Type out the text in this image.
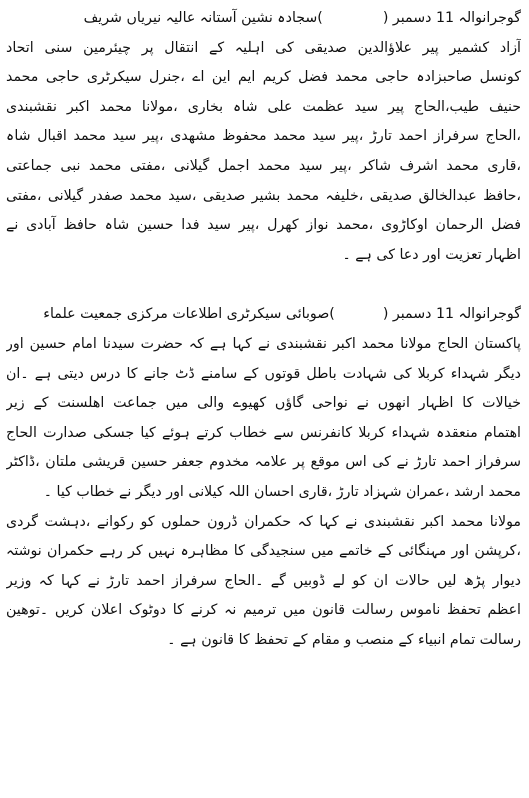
گوجرانوالہ 11 دسمبر (
)سجادہ نشین آستانہ عالیہ نیریاں شریف
آزاد کشمیر پیر علاؤالدین صدیقی کی اہلیہ کے انتقال پر چیئرمین سنی اتحاد
کونسل صاحبزادہ حاجی محمد فضل کریم ایم این اے ،جنرل سیکرٹری حاجی محمد
حنیف طیب،الحاج پیر سید عظمت علی شاہ بخاری ،مولانا محمد اکبر نقشبندی
،الحاج سرفراز احمد تارڑ ،پیر سید محمد محفوظ مشھدی ،پیر سید محمد اقبال شاہ
،قاری محمد اشرف شاکر ،پیر سید محمد اجمل گیلانی ،مفتی محمد نبی جماعتی
،حافظ عبدالخالق صدیقی ،خلیفہ محمد بشیر صدیقی ،سید محمد صفدر گیلانی ،مفتی
فضل الرحمان اوکاڑوی ،محمد نواز کھرل ،پیر سید فدا حسین شاہ حافظ آبادی نے
اظہار تعزیت اور دعا کی ہے ۔
گوجرانوالہ 11 دسمبر (
)صوبائی سیکرٹری اطلاعات مرکزی جمعیت علماء
پاکستان الحاج مولانا محمد اکبر نقشبندی نے کہا ہے کہ حضرت سیدنا امام حسین اور
دیگر شہداء کربلا کی شہادت باطل قوتوں کے سامنے ڈٹ جانے کا درس دیتی ہے ۔ان
خیالات کا اظہار انھوں نے نواحی گاؤں کھیوے والی میں جماعت اھلسنت کے زیر
اھتمام منعقدہ شہداء کربلا کانفرنس سے خطاب کرتے ہوئے کیا جسکی صدارت الحاج
سرفراز احمد تارڑ نے کی اس موقع پر علامہ مخدوم جعفر حسین قریشی ملتان ،ڈاکٹر
محمد ارشد ،عمران شہزاد تارڑ ،قاری احسان اللہ کیلانی اور دیگر نے خطاب کیا ۔
مولانا محمد اکبر نقشبندی نے کہا کہ حکمران ڈرون حملوں کو رکوانے ،دہشت گردی
،کرپشن اور مہنگائی کے خاتمے میں سنجیدگی کا مظاہرہ نہیں کر رہے حکمران نوشتہ
دیوار پڑھ لیں حالات ان کو لے ڈوبیں گے ۔الحاج سرفراز احمد تارڑ نے کہا کہ وزیر
اعظم تحفظ ناموس رسالت قانون میں ترمیم نہ کرنے کا دوٹوک اعلان کریں ۔توھین
رسالت تمام انبیاء کے منصب و مقام کے تحفظ کا قانون ہے ۔
